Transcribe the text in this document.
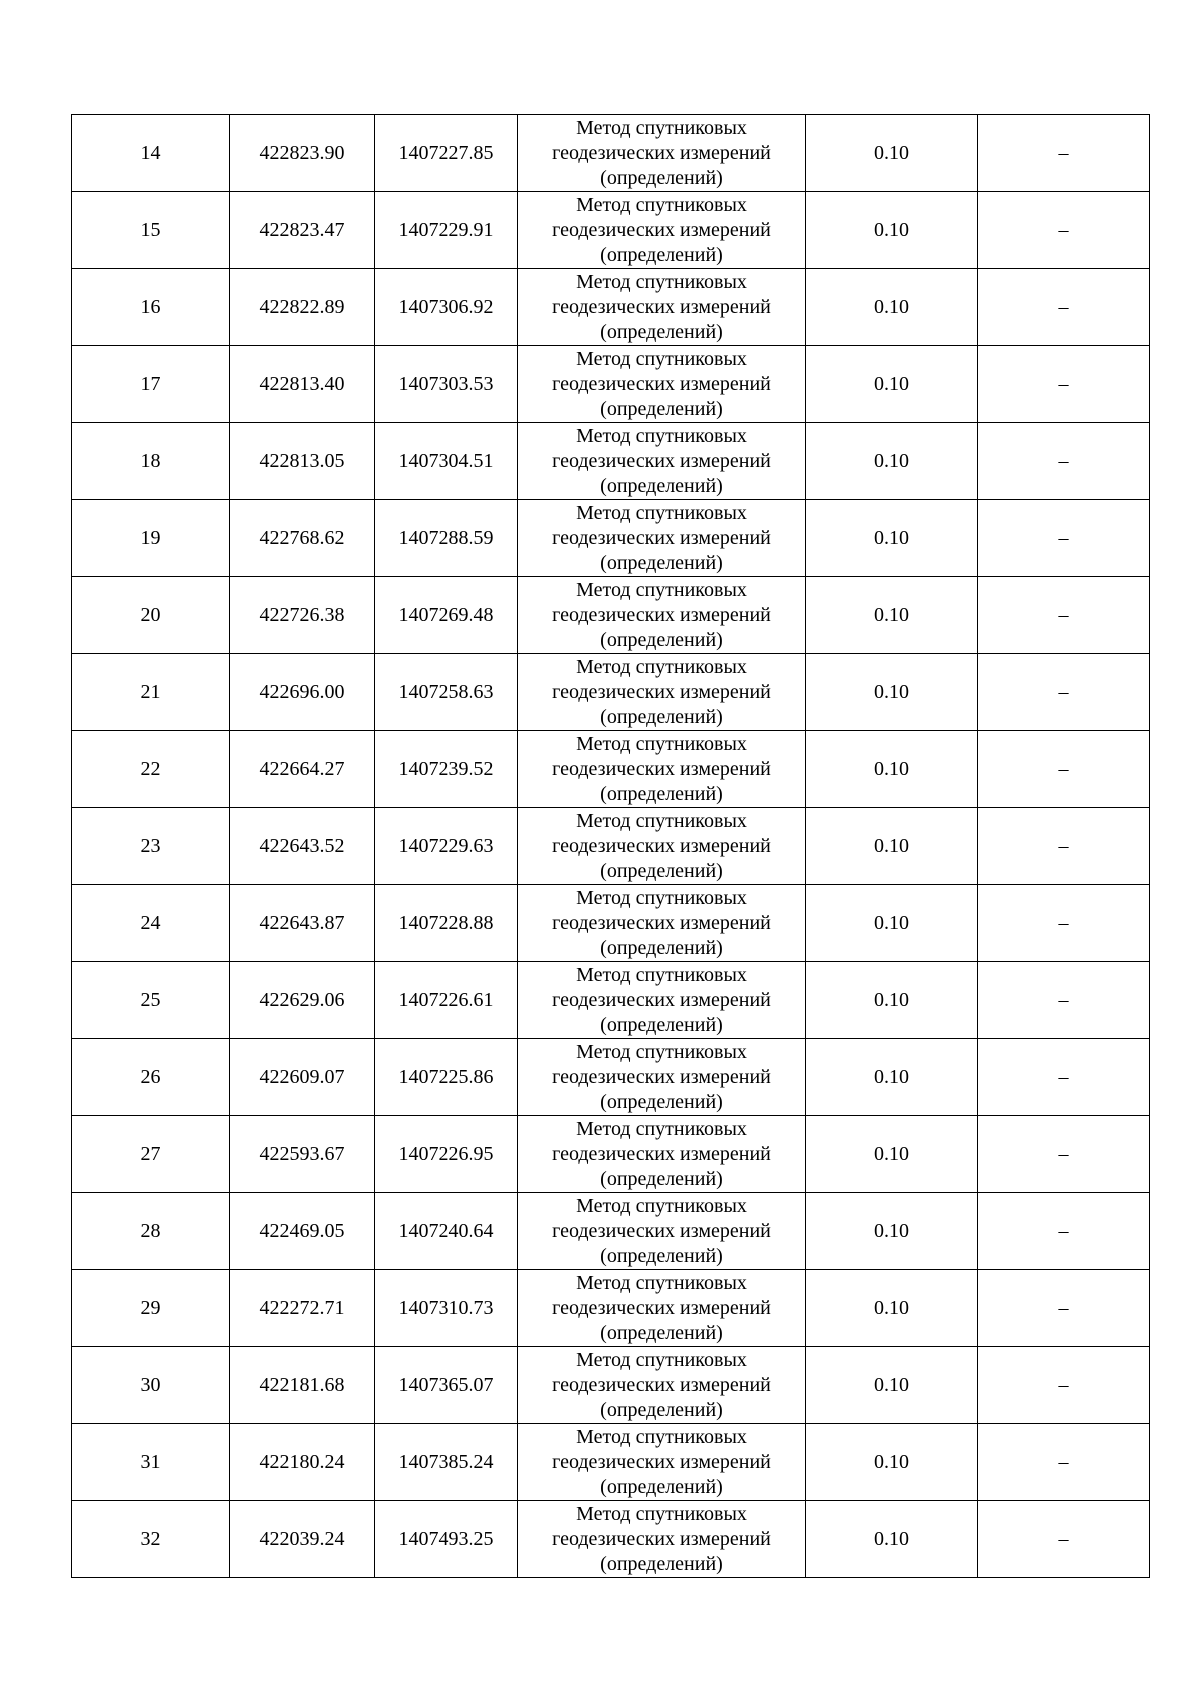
14	422823.90	1407227.85	Метод спутниковых
геодезических измерений
(определений)	0.10	–
15	422823.47	1407229.91	Метод спутниковых
геодезических измерений
(определений)	0.10	–
16	422822.89	1407306.92	Метод спутниковых
геодезических измерений
(определений)	0.10	–
17	422813.40	1407303.53	Метод спутниковых
геодезических измерений
(определений)	0.10	–
18	422813.05	1407304.51	Метод спутниковых
геодезических измерений
(определений)	0.10	–
19	422768.62	1407288.59	Метод спутниковых
геодезических измерений
(определений)	0.10	–
20	422726.38	1407269.48	Метод спутниковых
геодезических измерений
(определений)	0.10	–
21	422696.00	1407258.63	Метод спутниковых
геодезических измерений
(определений)	0.10	–
22	422664.27	1407239.52	Метод спутниковых
геодезических измерений
(определений)	0.10	–
23	422643.52	1407229.63	Метод спутниковых
геодезических измерений
(определений)	0.10	–
24	422643.87	1407228.88	Метод спутниковых
геодезических измерений
(определений)	0.10	–
25	422629.06	1407226.61	Метод спутниковых
геодезических измерений
(определений)	0.10	–
26	422609.07	1407225.86	Метод спутниковых
геодезических измерений
(определений)	0.10	–
27	422593.67	1407226.95	Метод спутниковых
геодезических измерений
(определений)	0.10	–
28	422469.05	1407240.64	Метод спутниковых
геодезических измерений
(определений)	0.10	–
29	422272.71	1407310.73	Метод спутниковых
геодезических измерений
(определений)	0.10	–
30	422181.68	1407365.07	Метод спутниковых
геодезических измерений
(определений)	0.10	–
31	422180.24	1407385.24	Метод спутниковых
геодезических измерений
(определений)	0.10	–
32	422039.24	1407493.25	Метод спутниковых
геодезических измерений
(определений)	0.10	–
